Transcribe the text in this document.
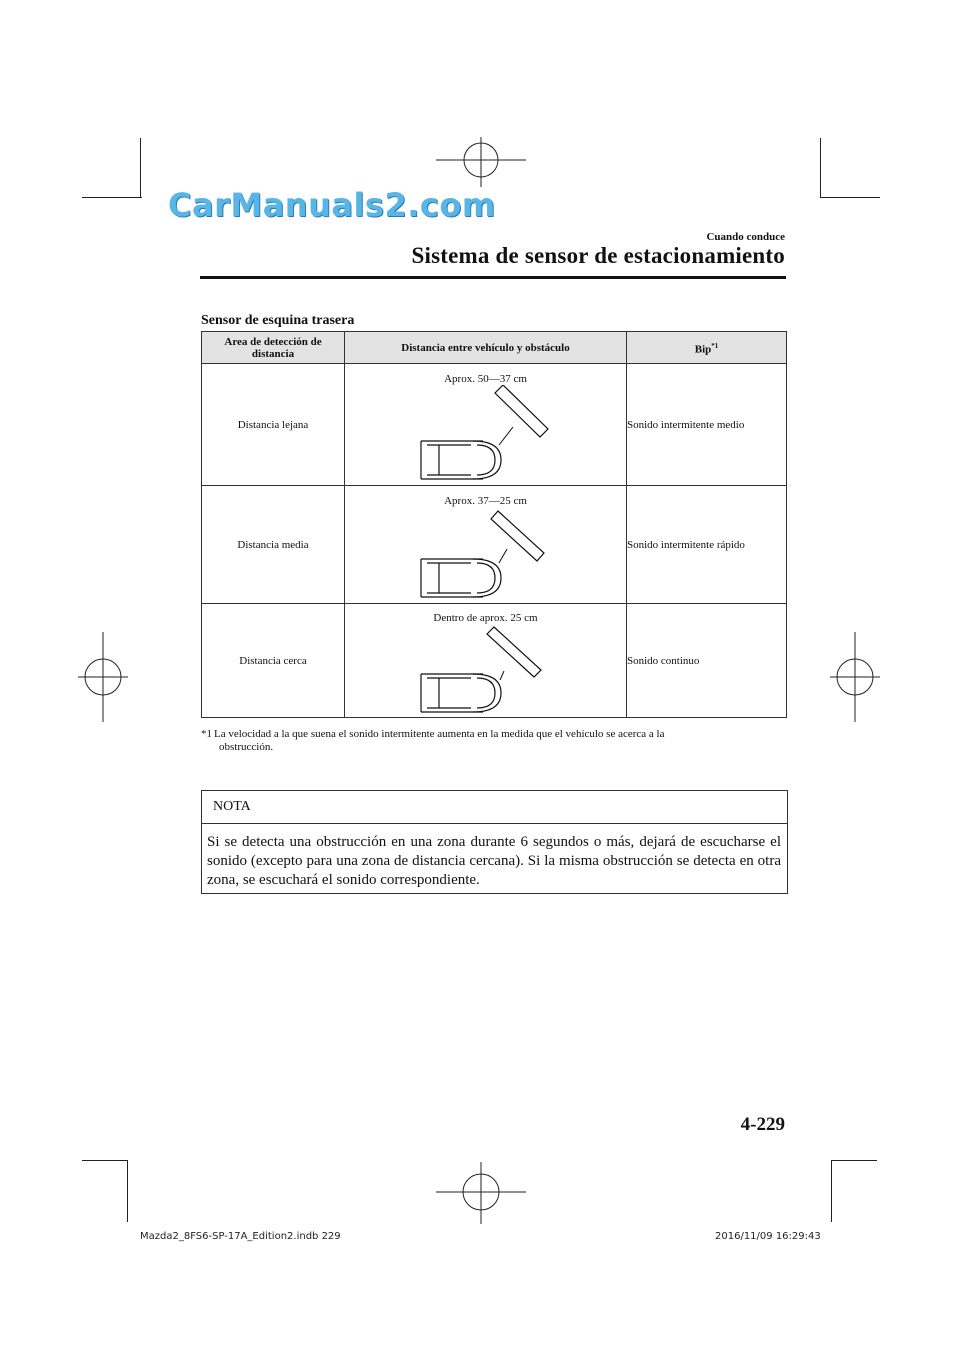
CarManuals2.com
Cuando conduce
Sistema de sensor de estacionamiento
Sensor de esquina trasera
Area de detección de distancia	Distancia entre vehículo y obstáculo	Bip$^{*1}$
Distancia lejana	Aprox. 50—37 cm	Sonido intermitente medio
Distancia media	Aprox. 37—25 cm	Sonido intermitente rápido
Distancia cerca	Dentro de aprox. 25 cm	Sonido continuo
*1 La velocidad a la que suena el sonido intermitente aumenta en la medida que el vehículo se acerca a la
obstrucción.
NOTA
Si se detecta una obstrucción en una zona durante 6 segundos o más, dejará de escucharse el sonido (excepto para una zona de distancia cercana). Si la misma obstrucción se detecta en otra zona, se escuchará el sonido correspondiente.
4-229
Mazda2_8FS6-SP-17A_Edition2.indb 229	2016/11/09 16:29:43
